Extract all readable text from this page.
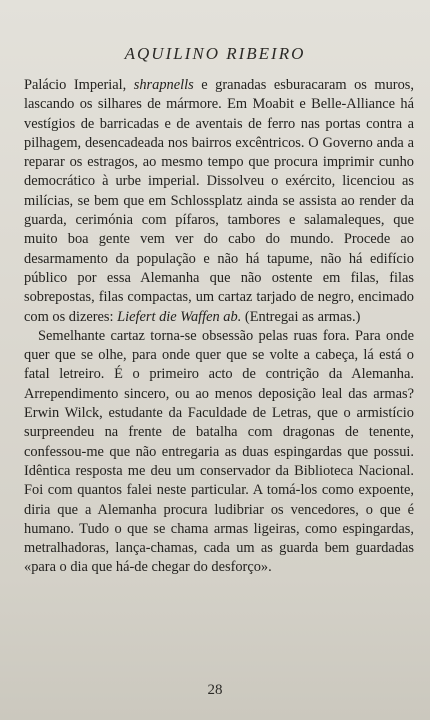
AQUILINO RIBEIRO

Palácio Imperial, shrapnells e granadas esburacaram os muros, lascando os silhares de mármore. Em Moabit e Belle-Alliance há vestígios de barricadas e de aventais de ferro nas portas contra a pilhagem, desencadeada nos bairros excêntricos. O Governo anda a reparar os estragos, ao mesmo tempo que procura imprimir cunho democrático à urbe imperial. Dissolveu o exército, licenciou as milícias, se bem que em Schlossplatz ainda se assista ao render da guarda, cerimónia com pífaros, tambores e salamaleques, que muito boa gente vem ver do cabo do mundo. Procede ao desarmamento da população e não há tapume, não há edifício público por essa Alemanha que não ostente em filas, filas sobrepostas, filas compactas, um cartaz tarjado de negro, encimado com os dizeres: Liefert die Waffen ab. (Entregai as armas.)

Semelhante cartaz torna-se obsessão pelas ruas fora. Para onde quer que se olhe, para onde quer que se volte a cabeça, lá está o fatal letreiro. É o primeiro acto de contrição da Alemanha. Arrependimento sincero, ou ao menos deposição leal das armas? Erwin Wilck, estudante da Faculdade de Letras, que o armistício surpreendeu na frente de batalha com dragonas de tenente, confessou-me que não entregaria as duas espingardas que possui. Idêntica resposta me deu um conservador da Biblioteca Nacional. Foi com quantos falei neste particular. A tomá-los como expoente, diria que a Alemanha procura ludibriar os vencedores, o que é humano. Tudo o que se chama armas ligeiras, como espingardas, metralhadoras, lança-chamas, cada um as guarda bem guardadas «para o dia que há-de chegar do desforço».

28
